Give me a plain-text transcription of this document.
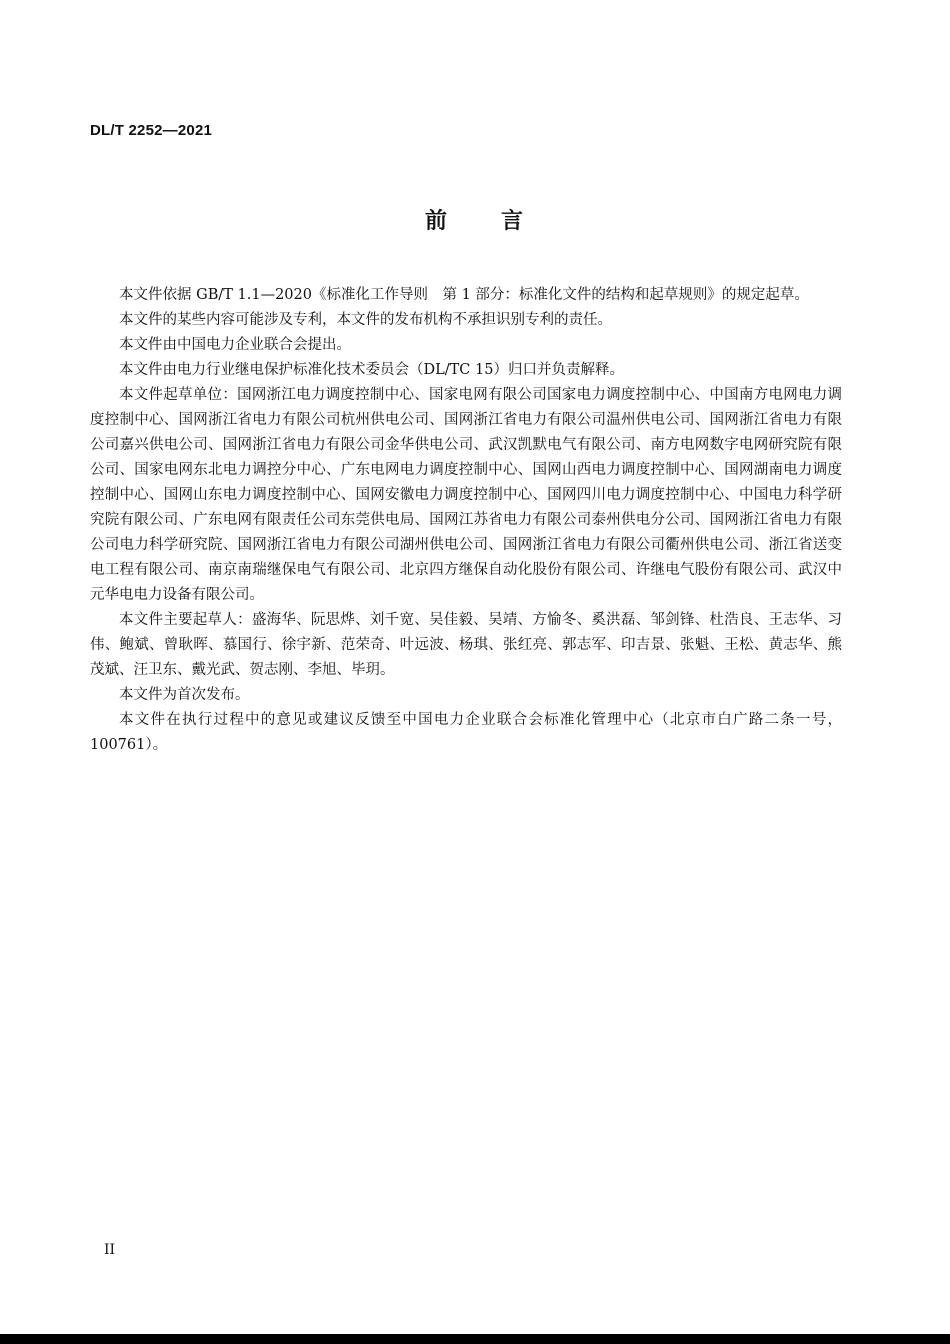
DL/T 2252—2021
前 言

本文件依据 GB/T 1.1—2020《标准化工作导则　第 1 部分：标准化文件的结构和起草规则》的规定起草。

本文件的某些内容可能涉及专利，本文件的发布机构不承担识别专利的责任。

本文件由中国电力企业联合会提出。

本文件由电力行业继电保护标准化技术委员会（DL/TC 15）归口并负责解释。

本文件起草单位：国网浙江电力调度控制中心、国家电网有限公司国家电力调度控制中心、中国南方电网电力调度控制中心、国网浙江省电力有限公司杭州供电公司、国网浙江省电力有限公司温州供电公司、国网浙江省电力有限公司嘉兴供电公司、国网浙江省电力有限公司金华供电公司、武汉凯默电气有限公司、南方电网数字电网研究院有限公司、国家电网东北电力调控分中心、广东电网电力调度控制中心、国网山西电力调度控制中心、国网湖南电力调度控制中心、国网山东电力调度控制中心、国网安徽电力调度控制中心、国网四川电力调度控制中心、中国电力科学研究院有限公司、广东电网有限责任公司东莞供电局、国网江苏省电力有限公司泰州供电分公司、国网浙江省电力有限公司电力科学研究院、国网浙江省电力有限公司湖州供电公司、国网浙江省电力有限公司衢州供电公司、浙江省送变电工程有限公司、南京南瑞继保电气有限公司、北京四方继保自动化股份有限公司、许继电气股份有限公司、武汉中元华电电力设备有限公司。

本文件主要起草人：盛海华、阮思烨、刘千宽、吴佳毅、吴靖、方愉冬、奚洪磊、邹剑锋、杜浩良、王志华、习伟、鲍斌、曾耿晖、慕国行、徐宇新、范荣奇、叶远波、杨琪、张红亮、郭志军、印吉景、张魁、王松、黄志华、熊茂斌、汪卫东、戴光武、贺志刚、李旭、毕玥。

本文件为首次发布。

本文件在执行过程中的意见或建议反馈至中国电力企业联合会标准化管理中心（北京市白广路二条一号，100761）。

II
